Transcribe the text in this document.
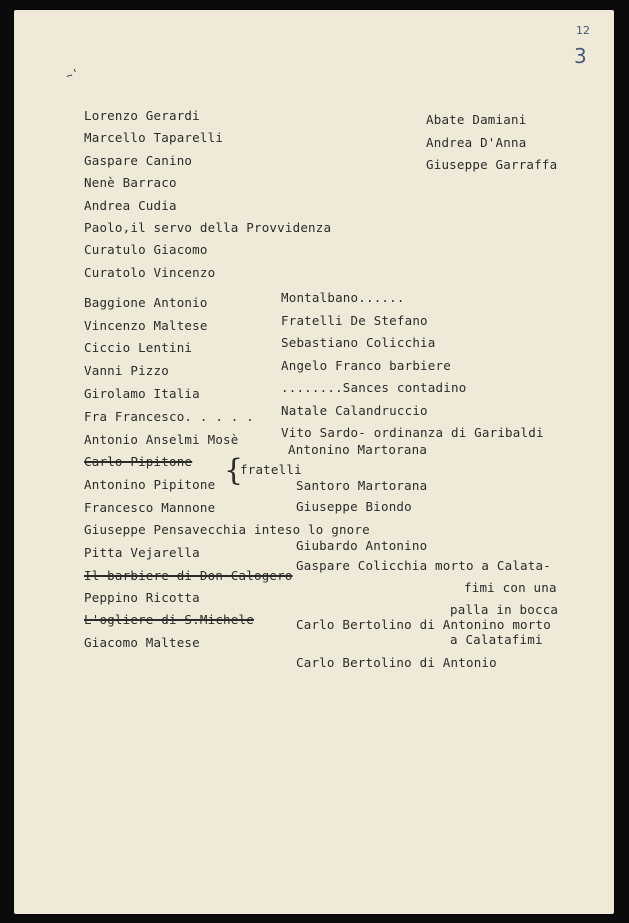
~'
12
3
Abate Damiani
Andrea D'Anna
Giuseppe Garraffa
Lorenzo Gerardi
Marcello Taparelli
Gaspare Canino
Nenè Barraco
Andrea Cudia
Paolo,il servo della Provvidenza
Curatulo Giacomo
Curatolo Vincenzo
Baggione Antonio
Vincenzo Maltese
Ciccio Lentini
Vanni Pizzo
Girolamo Italia
Fra Francesco. . . . .
Antonio Anselmi Mosè
Carlo Pipitone
Antonino Pipitone
Francesco Mannone
Giuseppe Pensavecchia inteso lo gnore
Pitta Vejarella
Il barbiere di Don Calogero
Peppino Ricotta
L'ogliere di S.Michele
Giacomo Maltese
{
fratelli
Montalbano......
Fratelli De Stefano
Sebastiano Colicchia
Angelo Franco barbiere
........Sances contadino
Natale Calandruccio
Vito Sardo- ordinanza di Garibaldi
Antonino Martorana
Santoro Martorana
Giuseppe Biondo
Giubardo Antonino
Gaspare Colicchia morto a Calata-
fimi con una
palla in bocca
Carlo Bertolino di Antonino morto
a Calatafimi
Carlo Bertolino di Antonio
